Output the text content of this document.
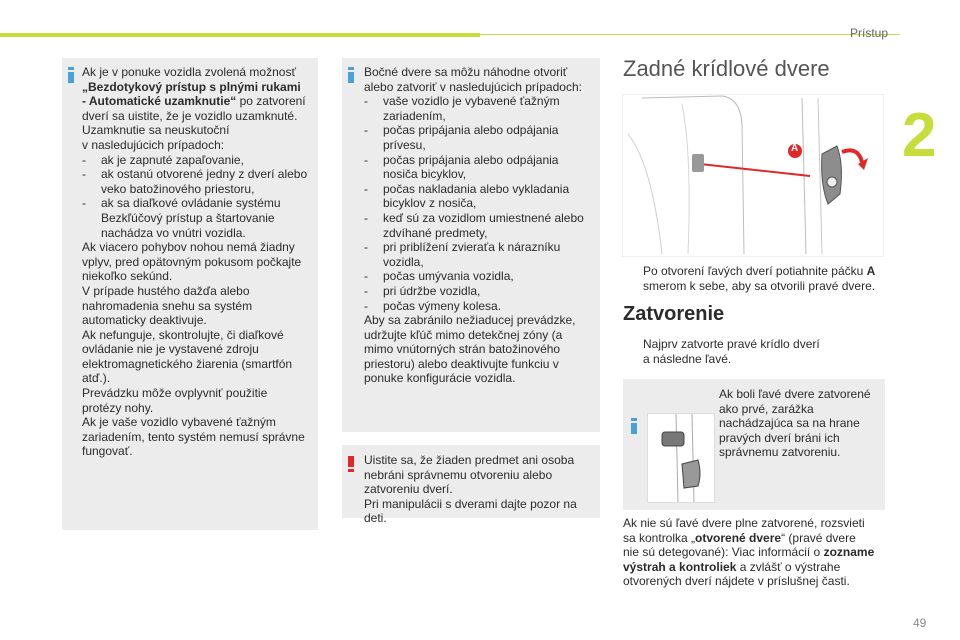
Prístup
2
49

Ak je v ponuke vozidla zvolená možnosť

„Bezdotykový prístup s plnými rukami

- Automatické uzamknutie“ po zatvorení

dverí sa uistite, že je vozidlo uzamknuté.

Uzamknutie sa neuskutoční

v nasledujúcich prípadoch:

-	ak je zapnuté zapaľovanie,
-	ak ostanú otvorené jedny z dverí alebo
veko batožinového priestoru,
-	ak sa diaľkové ovládanie systému
Bezkľúčový prístup a štartovanie
nachádza vo vnútri vozidla.

Ak viacero pohybov nohou nemá žiadny

vplyv, pred opätovným pokusom počkajte

niekoľko sekúnd.

V prípade hustého dažďa alebo

nahromadenia snehu sa systém

automaticky deaktivuje.

Ak nefunguje, skontrolujte, či diaľkové

ovládanie nie je vystavené zdroju

elektromagnetického žiarenia (smartfón

atď.).

Prevádzku môže ovplyvniť použitie

protézy nohy.

Ak je vaše vozidlo vybavené ťažným

zariadením, tento systém nemusí správne

fungovať.

Bočné dvere sa môžu náhodne otvoriť

alebo zatvoriť v nasledujúcich prípadoch:

-	vaše vozidlo je vybavené ťažným
zariadením,
-	počas pripájania alebo odpájania
prívesu,
-	počas pripájania alebo odpájania
nosiča bicyklov,
-	počas nakladania alebo vykladania
bicyklov z nosiča,
-	keď sú za vozidlom umiestnené alebo
zdvíhané predmety,
-	pri priblížení zvieraťa k nárazníku
vozidla,
-	počas umývania vozidla,
-	pri údržbe vozidla,
-	počas výmeny kolesa.

Aby sa zabránilo nežiaducej prevádzke,

udržujte kľúč mimo detekčnej zóny (a

mimo vnútorných strán batožinového

priestoru) alebo deaktivujte funkciu v

ponuke konfigurácie vozidla.

Uistite sa, že žiaden predmet ani osoba

nebráni správnemu otvoreniu alebo

zatvoreniu dverí.

Pri manipulácii s dverami dajte pozor na

deti.

Zadné krídlové dvere
A
Po otvorení ľavých dverí potiahnite páčku A
smerom k sebe, aby sa otvorili pravé dvere.
Zatvorenie
Najprv zatvorte pravé krídlo dverí
a následne ľavé.

Ak boli ľavé dvere zatvorené

ako prvé, zarážka

nachádzajúca sa na hrane

pravých dverí bráni ich

správnemu zatvoreniu.

Ak nie sú ľavé dvere plne zatvorené, rozsvieti
sa kontrolka „otvorené dvere“ (pravé dvere
nie sú detegované): Viac informácií o zozname
výstrah a kontroliek a zvlášť o výstrahe
otvorených dverí nájdete v príslušnej časti.
